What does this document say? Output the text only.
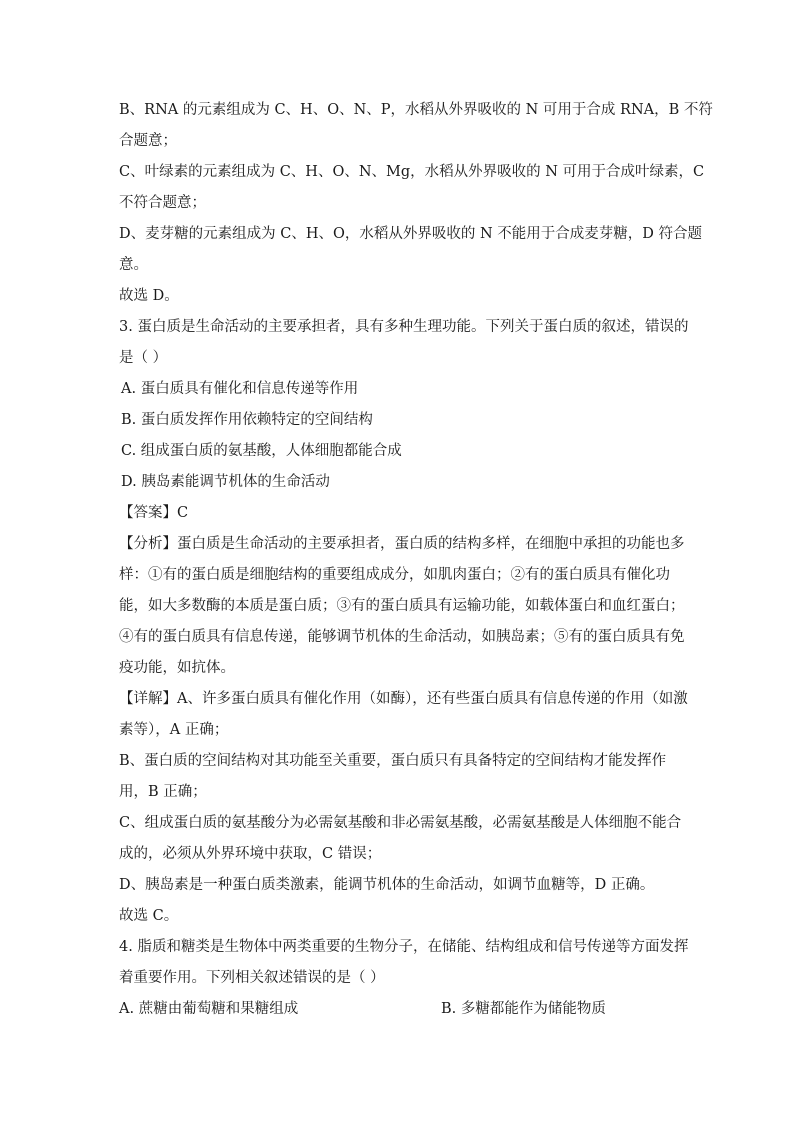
B、RNA 的元素组成为 C、H、O、N、P，水稻从外界吸收的 N 可用于合成 RNA，B 不符
合题意；
C、叶绿素的元素组成为 C、H、O、N、Mg，水稻从外界吸收的 N 可用于合成叶绿素，C
不符合题意；
D、麦芽糖的元素组成为 C、H、O，水稻从外界吸收的 N 不能用于合成麦芽糖，D 符合题
意。
故选 D。
3. 蛋白质是生命活动的主要承担者，具有多种生理功能。下列关于蛋白质的叙述，错误的
是（ ）
A. 蛋白质具有催化和信息传递等作用
B. 蛋白质发挥作用依赖特定的空间结构
C. 组成蛋白质的氨基酸，人体细胞都能合成
D. 胰岛素能调节机体的生命活动
【答案】C
【分析】蛋白质是生命活动的主要承担者，蛋白质的结构多样，在细胞中承担的功能也多
样：①有的蛋白质是细胞结构的重要组成成分，如肌肉蛋白；②有的蛋白质具有催化功
能，如大多数酶的本质是蛋白质；③有的蛋白质具有运输功能，如载体蛋白和血红蛋白；
④有的蛋白质具有信息传递，能够调节机体的生命活动，如胰岛素；⑤有的蛋白质具有免
疫功能，如抗体。
【详解】A、许多蛋白质具有催化作用（如酶），还有些蛋白质具有信息传递的作用（如激
素等），A 正确；
B、蛋白质的空间结构对其功能至关重要，蛋白质只有具备特定的空间结构才能发挥作
用，B 正确；
C、组成蛋白质的氨基酸分为必需氨基酸和非必需氨基酸，必需氨基酸是人体细胞不能合
成的，必须从外界环境中获取，C 错误；
D、胰岛素是一种蛋白质类激素，能调节机体的生命活动，如调节血糖等，D 正确。
故选 C。
4. 脂质和糖类是生物体中两类重要的生物分子，在储能、结构组成和信号传递等方面发挥
着重要作用。下列相关叙述错误的是（ ）
A. 蔗糖由葡萄糖和果糖组成	B. 多糖都能作为储能物质
